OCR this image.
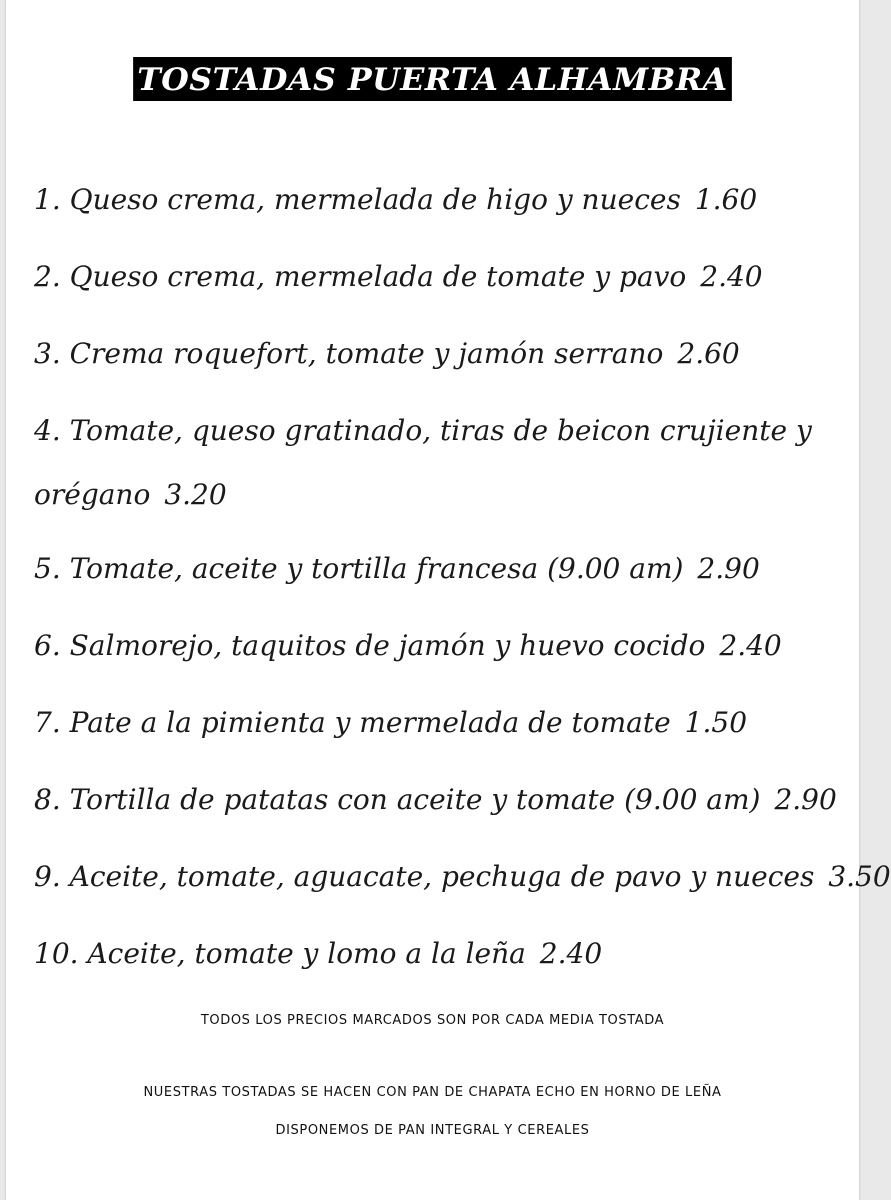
TOSTADAS PUERTA ALHAMBRA
1. Queso crema, mermelada de higo y nueces 1.60
2. Queso crema, mermelada de tomate y pavo 2.40
3. Crema roquefort, tomate y jamón serrano 2.60
4. Tomate, queso gratinado, tiras de beicon crujiente y orégano 3.20
5. Tomate, aceite y tortilla francesa (9.00 am) 2.90
6. Salmorejo, taquitos de jamón y huevo cocido 2.40
7. Pate a la pimienta y mermelada de tomate 1.50
8. Tortilla de patatas con aceite y tomate (9.00 am) 2.90
9. Aceite, tomate, aguacate, pechuga de pavo y nueces 3.50
10. Aceite, tomate y lomo a la leña 2.40
TODOS LOS PRECIOS MARCADOS SON POR CADA MEDIA TOSTADA
NUESTRAS TOSTADAS SE HACEN CON PAN DE CHAPATA ECHO EN HORNO DE LEÑA
DISPONEMOS DE PAN INTEGRAL Y CEREALES
